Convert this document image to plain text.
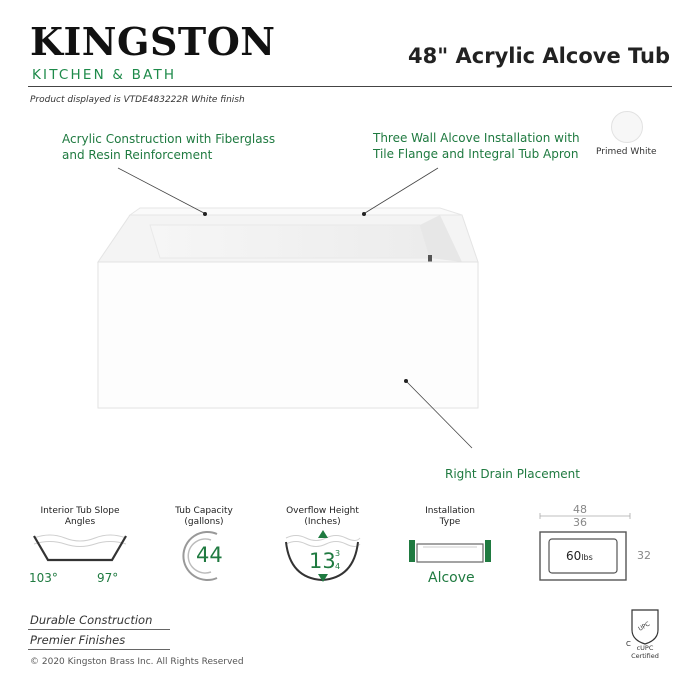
KINGSTON
KITCHEN & BATH
48" Acrylic Alcove Tub
Product displayed is VTDE483222R White finish
Acrylic Construction with Fiberglass
and Resin Reinforcement
Three Wall Alcove Installation with
Tile Flange and Integral Tub Apron
Right Drain Placement
Primed White
Interior Tub Slope
Angles
103°	97°
Tub Capacity
(gallons)
44
Overflow Height
(Inches)
13 3
4
Installation
Type
Alcove
48
36
32
60lbs
Durable Construction
Premier Finishes
© 2020 Kingston Brass Inc. All Rights Reserved
UPC
C cUPC
Certified
